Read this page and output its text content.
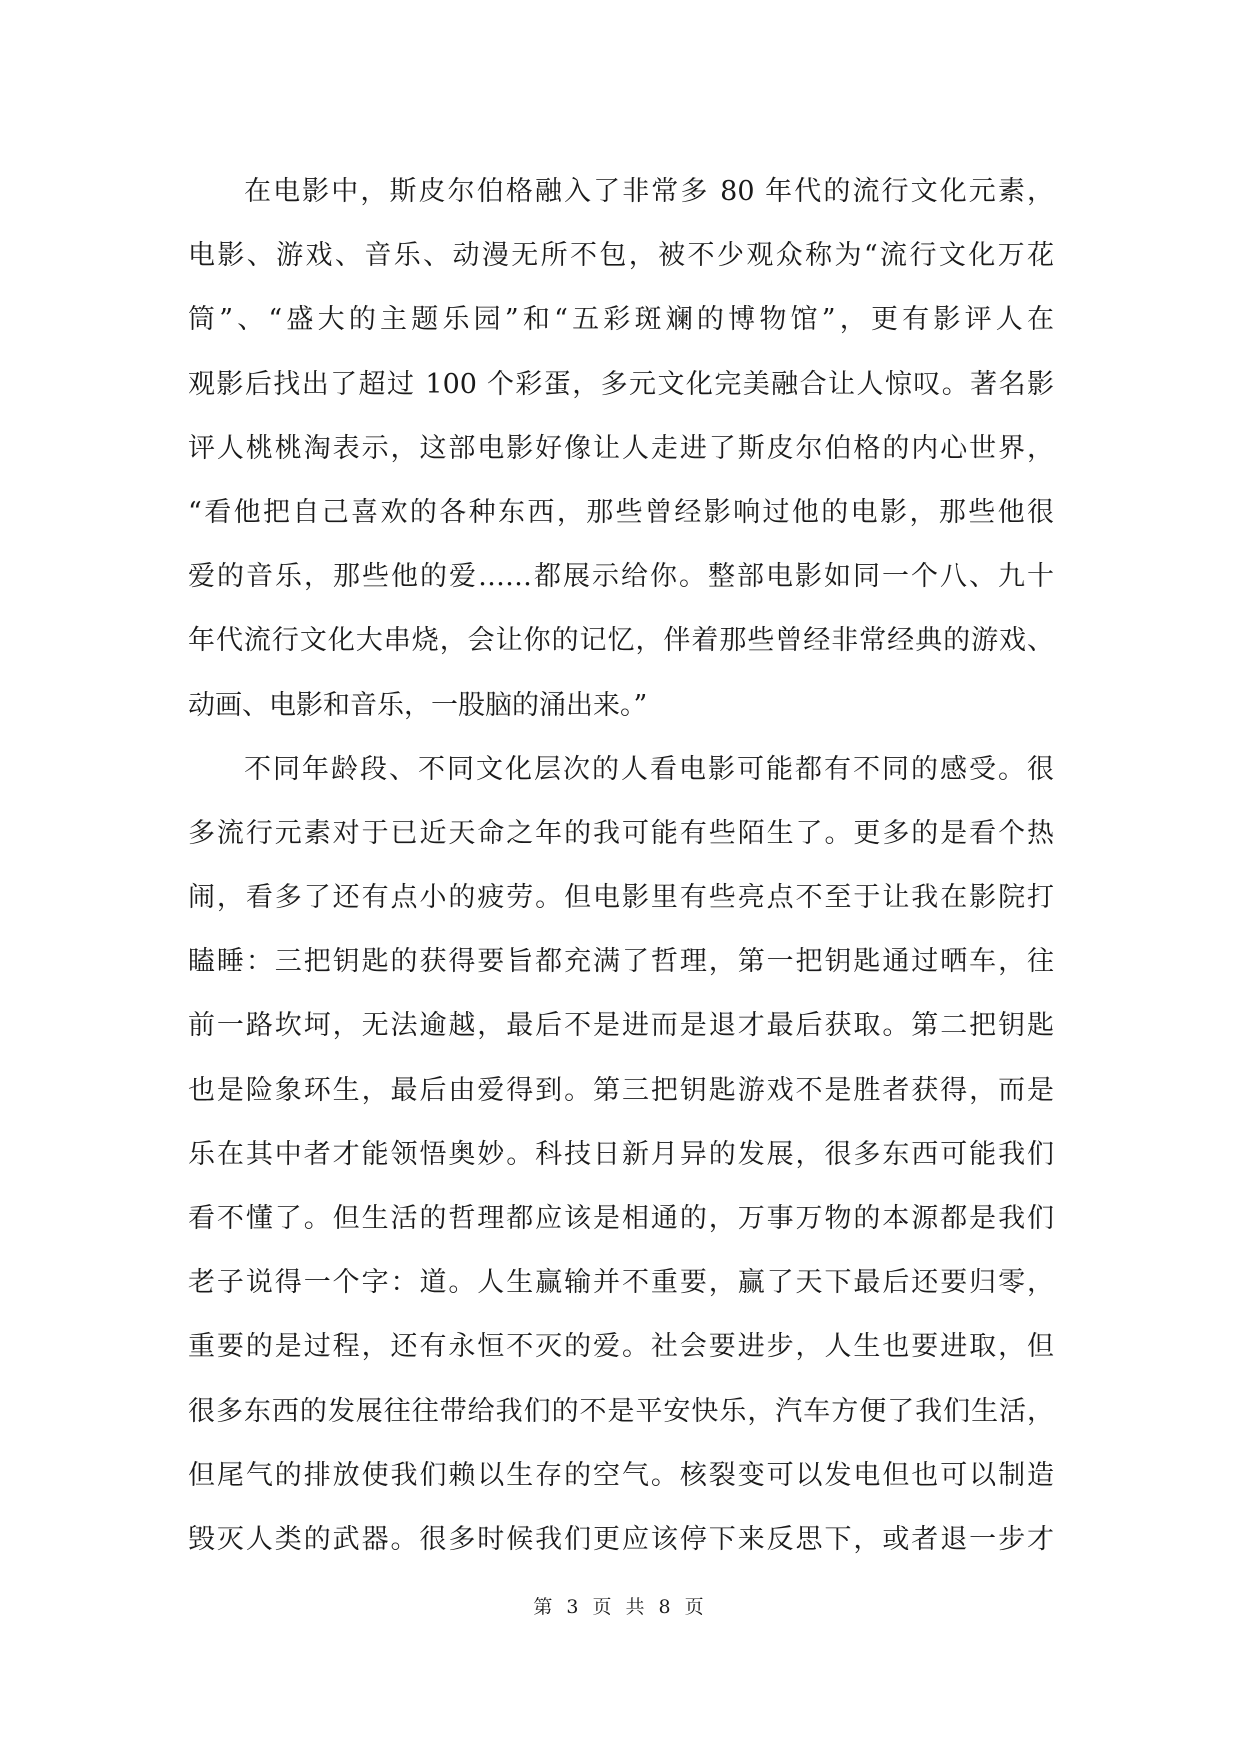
在电影中，斯皮尔伯格融入了非常多 80 年代的流行文化元素，
电影、游戏、音乐、动漫无所不包，被不少观众称为“流行文化万花
筒”、“盛大的主题乐园”和“五彩斑斓的博物馆”，更有影评人在
观影后找出了超过 100 个彩蛋，多元文化完美融合让人惊叹。著名影
评人桃桃淘表示，这部电影好像让人走进了斯皮尔伯格的内心世界，
“看他把自己喜欢的各种东西，那些曾经影响过他的电影，那些他很
爱的音乐，那些他的爱……都展示给你。整部电影如同一个八、九十
年代流行文化大串烧，会让你的记忆，伴着那些曾经非常经典的游戏、
动画、电影和音乐，一股脑的涌出来。”
不同年龄段、不同文化层次的人看电影可能都有不同的感受。很
多流行元素对于已近天命之年的我可能有些陌生了。更多的是看个热
闹，看多了还有点小的疲劳。但电影里有些亮点不至于让我在影院打
瞌睡：三把钥匙的获得要旨都充满了哲理，第一把钥匙通过晒车，往
前一路坎坷，无法逾越，最后不是进而是退才最后获取。第二把钥匙
也是险象环生，最后由爱得到。第三把钥匙游戏不是胜者获得，而是
乐在其中者才能领悟奥妙。科技日新月异的发展，很多东西可能我们
看不懂了。但生活的哲理都应该是相通的，万事万物的本源都是我们
老子说得一个字：道。人生赢输并不重要，赢了天下最后还要归零，
重要的是过程，还有永恒不灭的爱。社会要进步，人生也要进取，但
很多东西的发展往往带给我们的不是平安快乐，汽车方便了我们生活，
但尾气的排放使我们赖以生存的空气。核裂变可以发电但也可以制造
毁灭人类的武器。很多时候我们更应该停下来反思下，或者退一步才
第 3 页 共 8 页
